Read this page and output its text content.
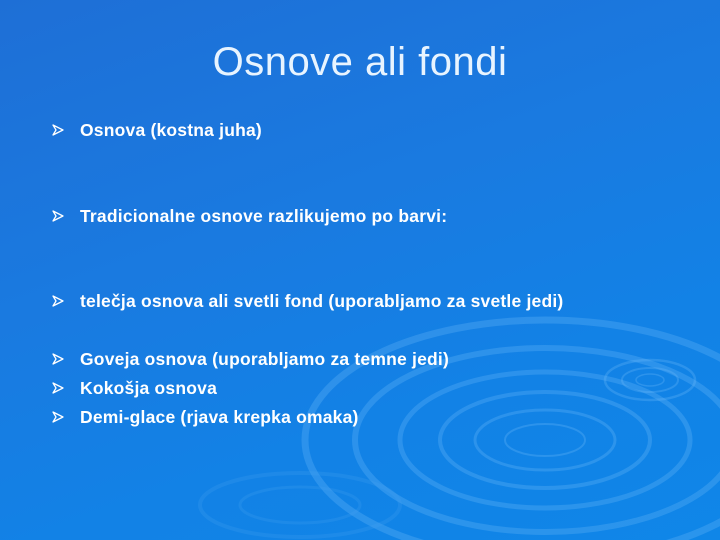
Osnove ali fondi
Osnova (kostna juha)
Tradicionalne osnove razlikujemo po barvi:
telečja osnova ali svetli fond (uporabljamo za svetle jedi)
Goveja osnova (uporabljamo za temne jedi)
Kokošja osnova
Demi-glace (rjava krepka omaka)
